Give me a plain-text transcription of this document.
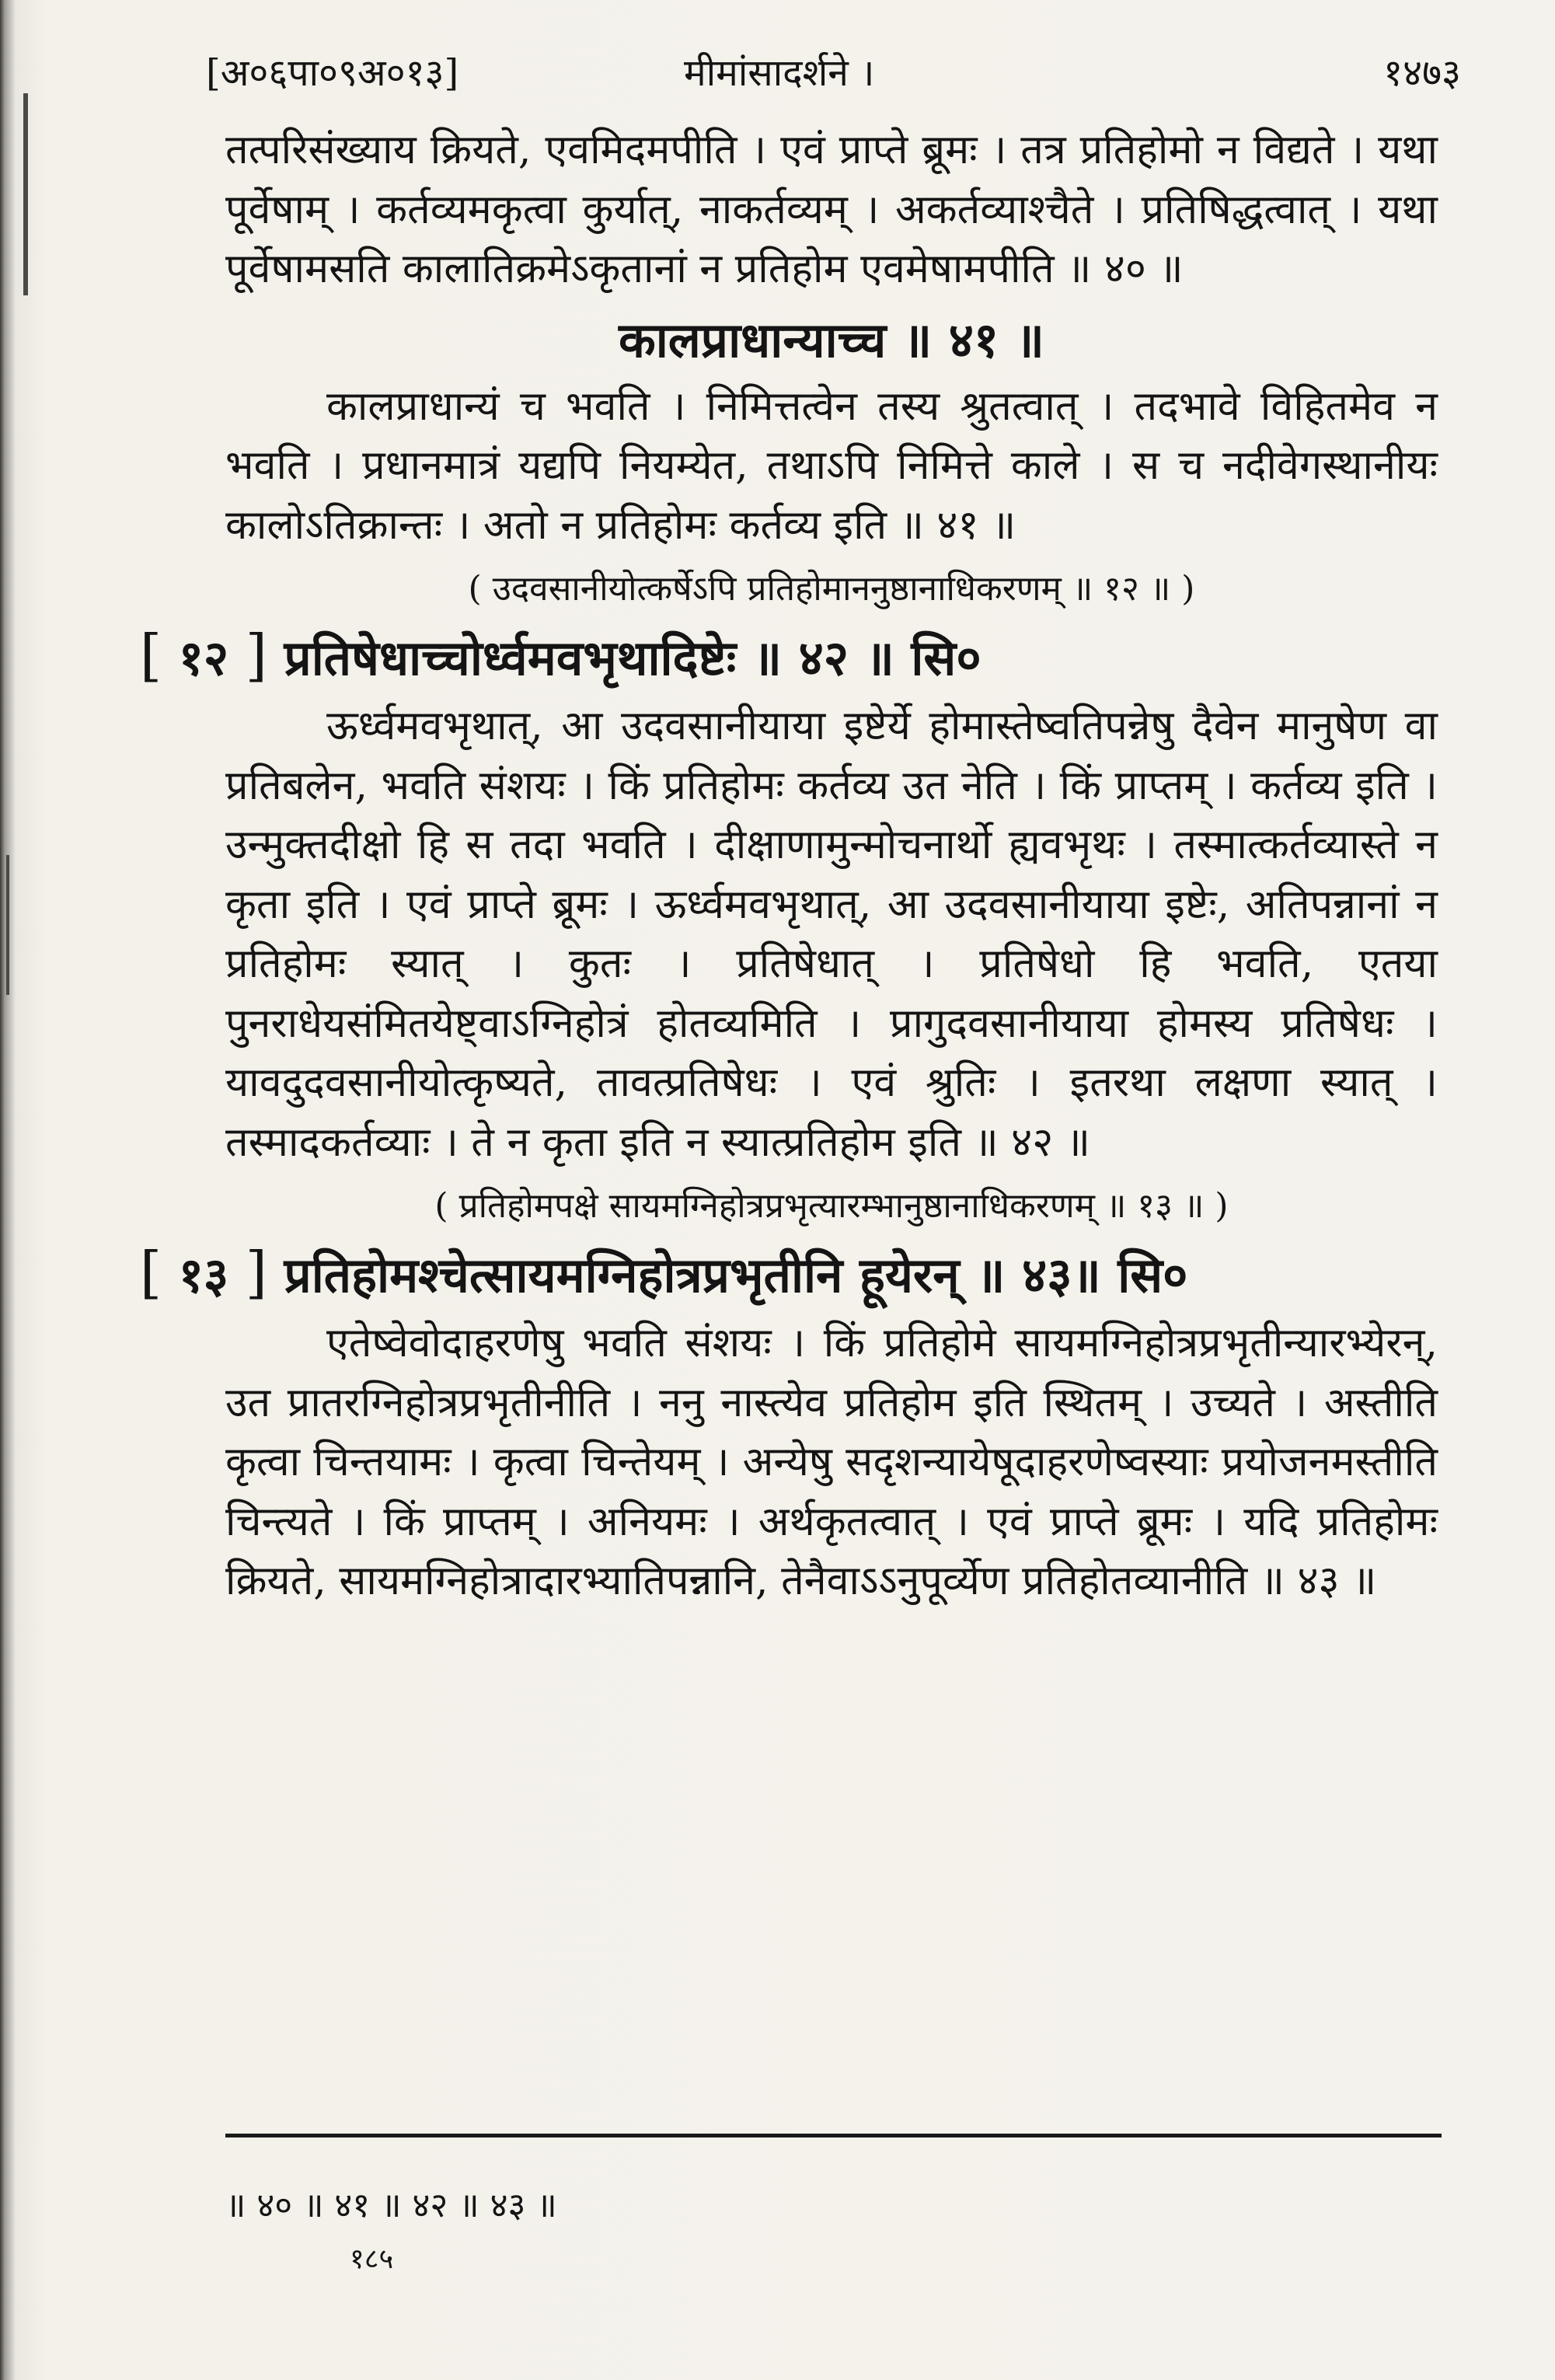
[अ०६पा०९अ०१३]	मीमांसादर्शने ।	१४७३

तत्परिसंख्याय क्रियते, एवमिदमपीति । एवं प्राप्ते ब्रूमः । तत्र प्रतिहोमो न विद्यते । यथा पूर्वेषाम् । कर्तव्यमकृत्वा कुर्यात्, नाकर्तव्यम् । अकर्तव्याश्चैते । प्रतिषिद्धत्वात् । यथा पूर्वेषामसति कालातिक्रमेऽकृतानां न प्रतिहोम एवमेषामपीति ॥ ४० ॥

कालप्राधान्याच्च ॥ ४१ ॥

कालप्राधान्यं च भवति । निमित्तत्वेन तस्य श्रुतत्वात् । तदभावे विहितमेव न भवति । प्रधानमात्रं यद्यपि नियम्येत, तथाऽपि निमित्ते काले । स च नदीवेगस्थानीयः कालोऽतिक्रान्तः । अतो न प्रतिहोमः कर्तव्य इति ॥ ४१ ॥

( उदवसानीयोत्कर्षेऽपि प्रतिहोमाननुष्ठानाधिकरणम् ॥ १२ ॥ )
[ १२ ] प्रतिषेधाच्चोर्ध्वमवभृथादिष्टेः ॥ ४२ ॥ सि०

ऊर्ध्वमवभृथात्, आ उदवसानीयाया इष्टेर्ये होमास्तेष्वतिपन्नेषु दैवेन मानुषेण वा प्रतिबलेन, भवति संशयः । किं प्रतिहोमः कर्तव्य उत नेति । किं प्राप्तम् । कर्तव्य इति । उन्मुक्तदीक्षो हि स तदा भवति । दीक्षाणामुन्मोचनार्थो ह्यवभृथः । तस्मात्कर्तव्यास्ते न कृता इति । एवं प्राप्ते ब्रूमः । ऊर्ध्वमवभृथात्, आ उदवसानीयाया इष्टेः, अतिपन्नानां न प्रतिहोमः स्यात् । कुतः । प्रतिषेधात् । प्रतिषेधो हि भवति, एतया पुनराधेयसंमितयेष्ट्वाऽग्निहोत्रं होतव्यमिति । प्रागुदवसानीयाया होमस्य प्रतिषेधः । यावदुदवसानीयोत्कृष्यते, तावत्प्रतिषेधः । एवं श्रुतिः । इतरथा लक्षणा स्यात् । तस्मादकर्तव्याः । ते न कृता इति न स्यात्प्रतिहोम इति ॥ ४२ ॥

( प्रतिहोमपक्षे सायमग्निहोत्रप्रभृत्यारम्भानुष्ठानाधिकरणम् ॥ १३ ॥ )
[ १३ ] प्रतिहोमश्चेत्सायमग्निहोत्रप्रभृतीनि हूयेरन् ॥ ४३॥ सि०

एतेष्वेवोदाहरणेषु भवति संशयः । किं प्रतिहोमे सायमग्निहोत्रप्रभृतीन्यारभ्येरन्, उत प्रातरग्निहोत्रप्रभृतीनीति । ननु नास्त्येव प्रतिहोम इति स्थितम् । उच्यते । अस्तीति कृत्वा चिन्तयामः । कृत्वा चिन्तेयम् । अन्येषु सदृशन्यायेषूदाहरणेष्वस्याः प्रयोजनमस्तीति चिन्त्यते । किं प्राप्तम् । अनियमः । अर्थकृतत्वात् । एवं प्राप्ते ब्रूमः । यदि प्रतिहोमः क्रियते, सायमग्निहोत्रादारभ्यातिपन्नानि, तेनैवाऽऽनुपूर्व्येण प्रतिहोतव्यानीति ॥ ४३ ॥

॥ ४० ॥ ४१ ॥ ४२ ॥ ४३ ॥
१८५
